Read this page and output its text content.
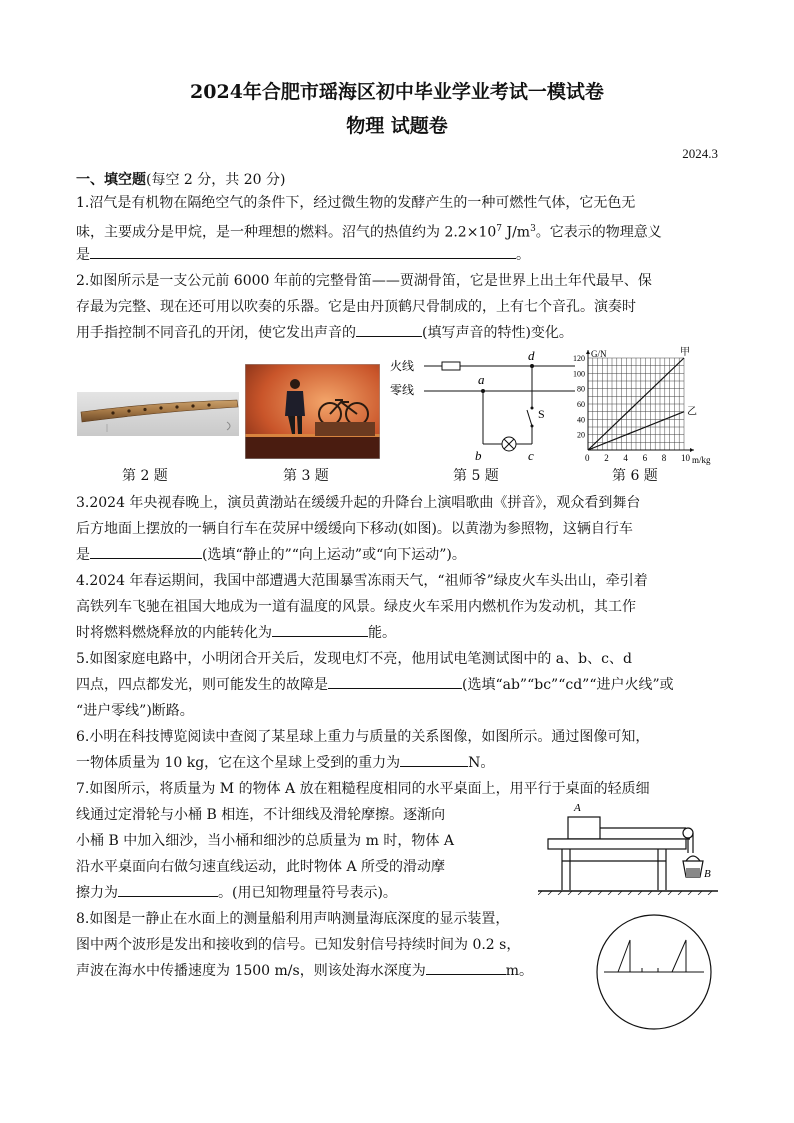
2024年合肥市瑶海区初中毕业学业考试一模试卷
物理 试题卷
2024.3
一、填空题(每空 2 分，共 20 分)
1.沼气是有机物在隔绝空气的条件下，经过微生物的发酵产生的一种可燃性气体，它无色无
味，主要成分是甲烷，是一种理想的燃料。沼气的热值约为 $2.2\times 10^7$ $J/m^3$。它表示的物理意义
是	。
2.如图所示是一支公元前 6000 年前的完整骨笛——贾湖骨笛，它是世界上出土年代最早、保
存最为完整、现在还可用以吹奏的乐器。它是由丹顶鹤尺骨制成的，上有七个音孔。演奏时
用手指控制不同音孔的开闭，使它发出声音的	(填写声音的特性)变化。
第 2 题	第 3 题
火线
零线
a
d
b	c
S
第 5 题
0 2 4 6 8 10
20
40
60
80
100
120
甲
乙
G/N
m/kg
第 6 题
3.2024 年央视春晚上，演员黄渤站在缓缓升起的升降台上演唱歌曲《拼音》，观众看到舞台
后方地面上摆放的一辆自行车在荧屏中缓缓向下移动(如图)。以黄渤为参照物，这辆自行车
是	(选填“静止的”“向上运动”或“向下运动”)。
4.2024 年春运期间，我国中部遭遇大范围暴雪冻雨天气，“祖师爷”绿皮火车头出山，牵引着
高铁列车飞驰在祖国大地成为一道有温度的风景。绿皮火车采用内燃机作为发动机，其工作
时将燃料燃烧释放的内能转化为	能。
5.如图家庭电路中，小明闭合开关后，发现电灯不亮，他用试电笔测试图中的 a、b、c、d
四点，四点都发光，则可能发生的故障是	(选填“ab”“bc”“cd”“进户火线”或
“进户零线”)断路。
6.小明在科技博览阅读中查阅了某星球上重力与质量的关系图像，如图所示。通过图像可知，
一物体质量为 10 kg，它在这个星球上受到的重力为	N。
7.如图所示，将质量为 M 的物体 A 放在粗糙程度相同的水平桌面上，用平行于桌面的轻质细
线通过定滑轮与小桶 B 相连，不计细线及滑轮摩擦。逐渐向
小桶 B 中加入细沙，当小桶和细沙的总质量为 m 时，物体 A
沿水平桌面向右做匀速直线运动，此时物体 A 所受的滑动摩
擦力为	。(用已知物理量符号表示)。
A
B
8.如图是一静止在水面上的测量船利用声呐测量海底深度的显示装置，
图中两个波形是发出和接收到的信号。已知发射信号持续时间为 0.2 s，
声波在海水中传播速度为 1500 m/s，则该处海水深度为	m。
